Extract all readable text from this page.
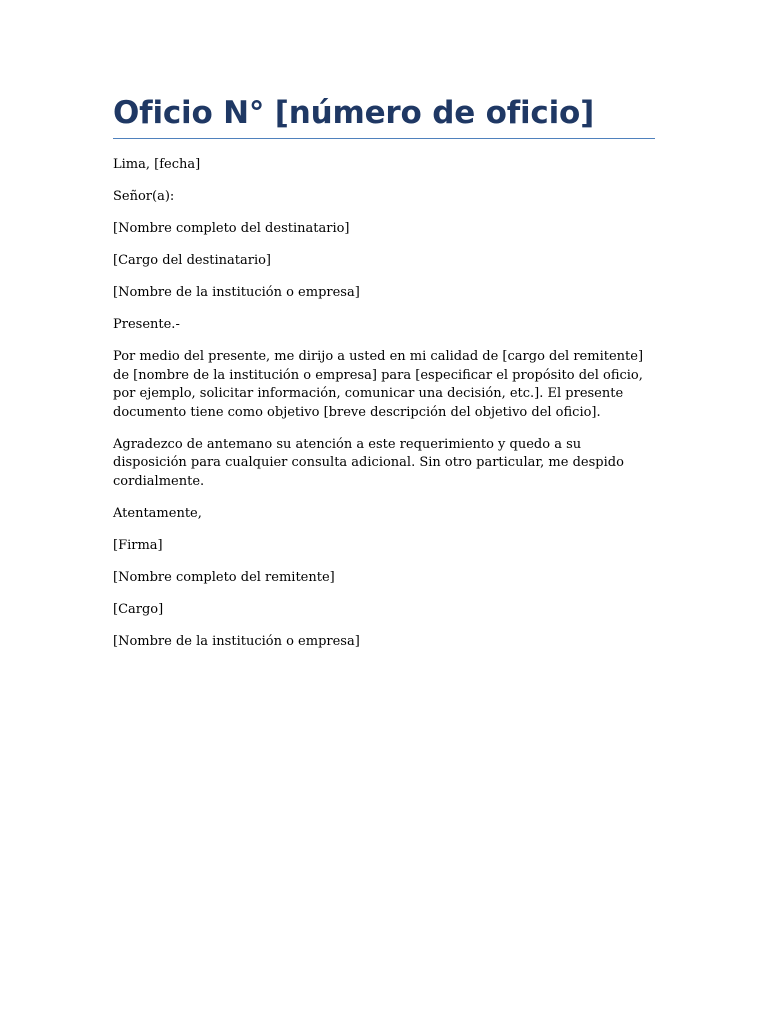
Oficio N° [número de oficio]

Lima, [fecha]

Señor(a):

[Nombre completo del destinatario]

[Cargo del destinatario]

[Nombre de la institución o empresa]

Presente.-

Por medio del presente, me dirijo a usted en mi calidad de [cargo del remitente] de [nombre de la institución o empresa] para [especificar el propósito del oficio, por ejemplo, solicitar información, comunicar una decisión, etc.]. El presente documento tiene como objetivo [breve descripción del objetivo del oficio].

Agradezco de antemano su atención a este requerimiento y quedo a su disposición para cualquier consulta adicional. Sin otro particular, me despido cordialmente.

Atentamente,

[Firma]

[Nombre completo del remitente]

[Cargo]

[Nombre de la institución o empresa]
